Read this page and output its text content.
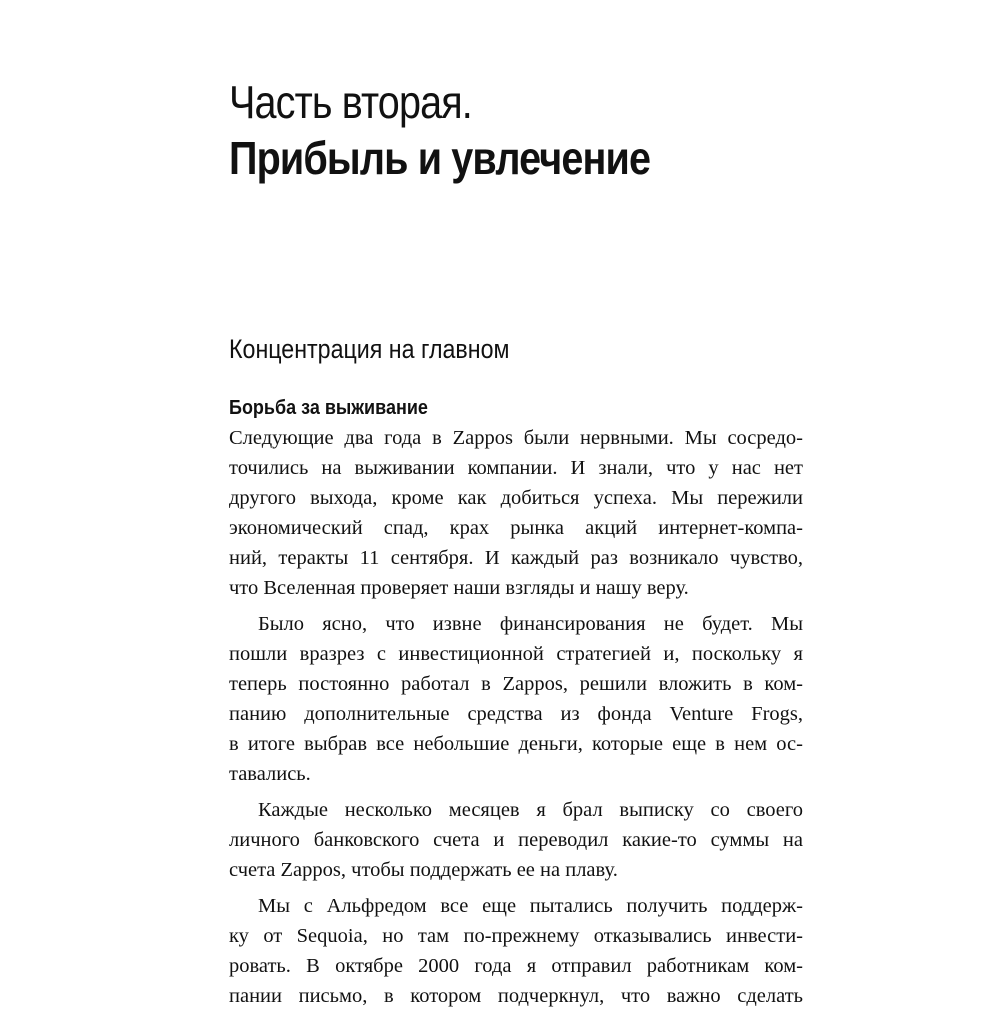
Часть вторая.
Прибыль и увлечение
Концентрация на главном
Борьба за выживание
Следующие два года в Zappos были нервными. Мы сосредо-
точились на выживании компании. И знали, что у нас нет
другого выхода, кроме как добиться успеха. Мы пережили
экономический спад, крах рынка акций интернет-компа-
ний, теракты 11 сентября. И каждый раз возникало чувство,
что Вселенная проверяет наши взгляды и нашу веру.
Было ясно, что извне финансирования не будет. Мы
пошли вразрез с инвестиционной стратегией и, поскольку я
теперь постоянно работал в Zappos, решили вложить в ком-
панию дополнительные средства из фонда Venture Frogs,
в итоге выбрав все небольшие деньги, которые еще в нем ос-
тавались.
Каждые несколько месяцев я брал выписку со своего
личного банковского счета и переводил какие-то суммы на
счета Zappos, чтобы поддержать ее на плаву.
Мы с Альфредом все еще пытались получить поддерж-
ку от Sequoia, но там по-прежнему отказывались инвести-
ровать. В октябре 2000 года я отправил работникам ком-
пании письмо, в котором подчеркнул, что важно сделать
